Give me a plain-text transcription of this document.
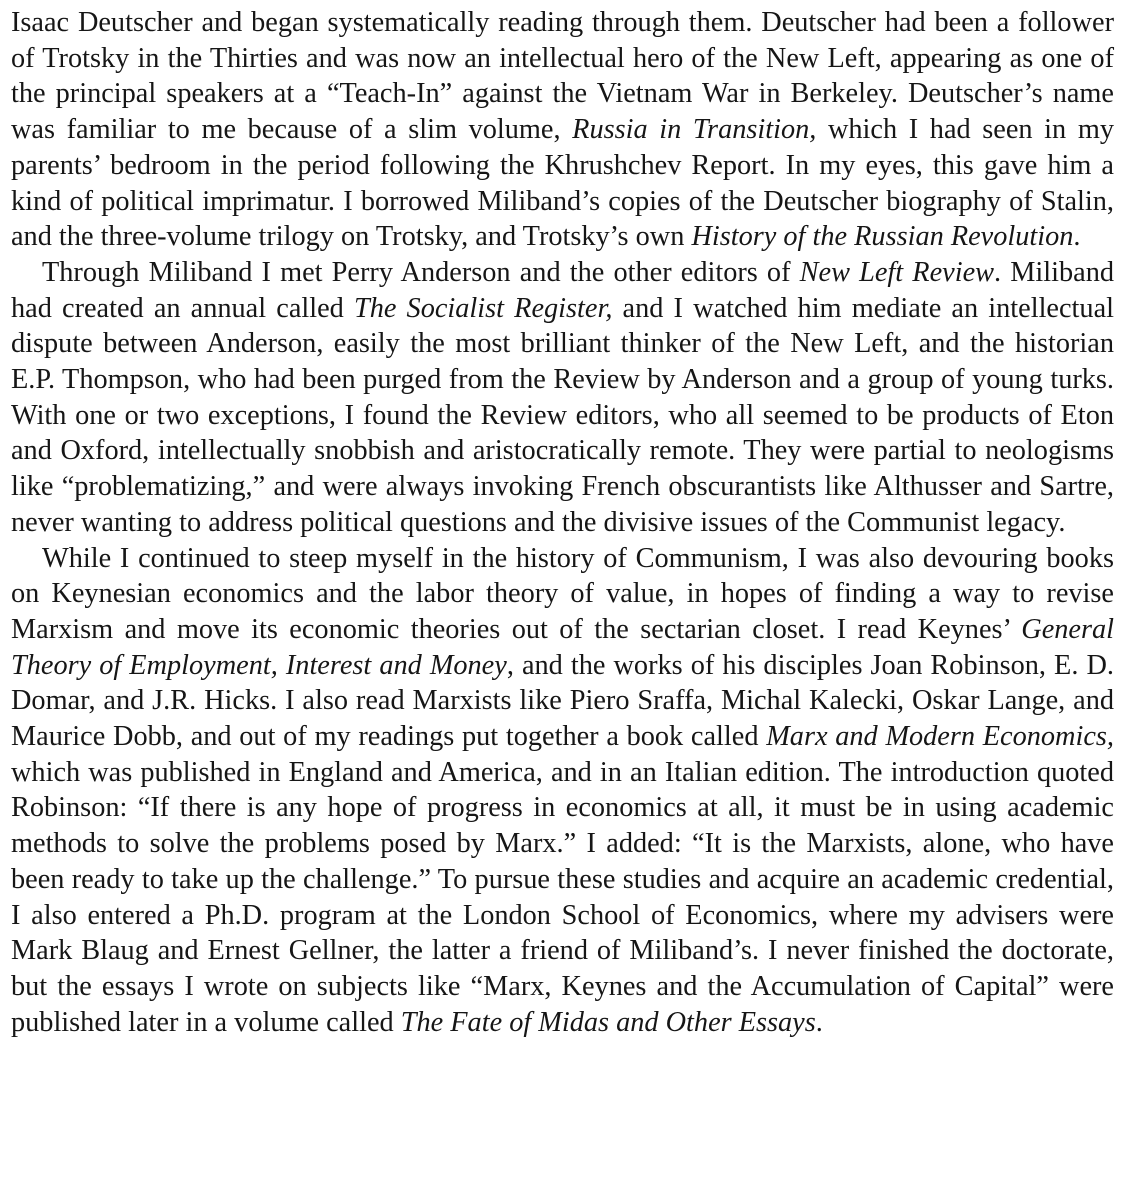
Isaac Deutscher and began systematically reading through them. Deutscher had been a follower of Trotsky in the Thirties and was now an intellectual hero of the New Left, appearing as one of the principal speakers at a “Teach-In” against the Vietnam War in Berkeley. Deutscher’s name was familiar to me because of a slim volume, Russia in Transition, which I had seen in my parents’ bedroom in the period following the Khrushchev Report. In my eyes, this gave him a kind of political imprimatur. I borrowed Miliband’s copies of the Deutscher biography of Stalin, and the three-volume trilogy on Trotsky, and Trotsky’s own History of the Russian Revolution.

Through Miliband I met Perry Anderson and the other editors of New Left Review. Miliband had created an annual called The Socialist Register, and I watched him mediate an intellectual dispute between Anderson, easily the most brilliant thinker of the New Left, and the historian E.P. Thompson, who had been purged from the Review by Anderson and a group of young turks. With one or two exceptions, I found the Review editors, who all seemed to be products of Eton and Oxford, intellectually snobbish and aristocratically remote. They were partial to neologisms like “problematizing,” and were always invoking French obscurantists like Althusser and Sartre, never wanting to address political questions and the divisive issues of the Communist legacy.

While I continued to steep myself in the history of Communism, I was also devouring books on Keynesian economics and the labor theory of value, in hopes of finding a way to revise Marxism and move its economic theories out of the sectarian closet. I read Keynes’ General Theory of Employment, Interest and Money, and the works of his disciples Joan Robinson, E. D. Domar, and J.R. Hicks. I also read Marxists like Piero Sraffa, Michal Kalecki, Oskar Lange, and Maurice Dobb, and out of my readings put together a book called Marx and Modern Economics, which was published in England and America, and in an Italian edition. The introduction quoted Robinson: “If there is any hope of progress in economics at all, it must be in using academic methods to solve the problems posed by Marx.” I added: “It is the Marxists, alone, who have been ready to take up the challenge.” To pursue these studies and acquire an academic credential, I also entered a Ph.D. program at the London School of Economics, where my advisers were Mark Blaug and Ernest Gellner, the latter a friend of Miliband’s. I never finished the doctorate, but the essays I wrote on subjects like “Marx, Keynes and the Accumulation of Capital” were published later in a volume called The Fate of Midas and Other Essays.
